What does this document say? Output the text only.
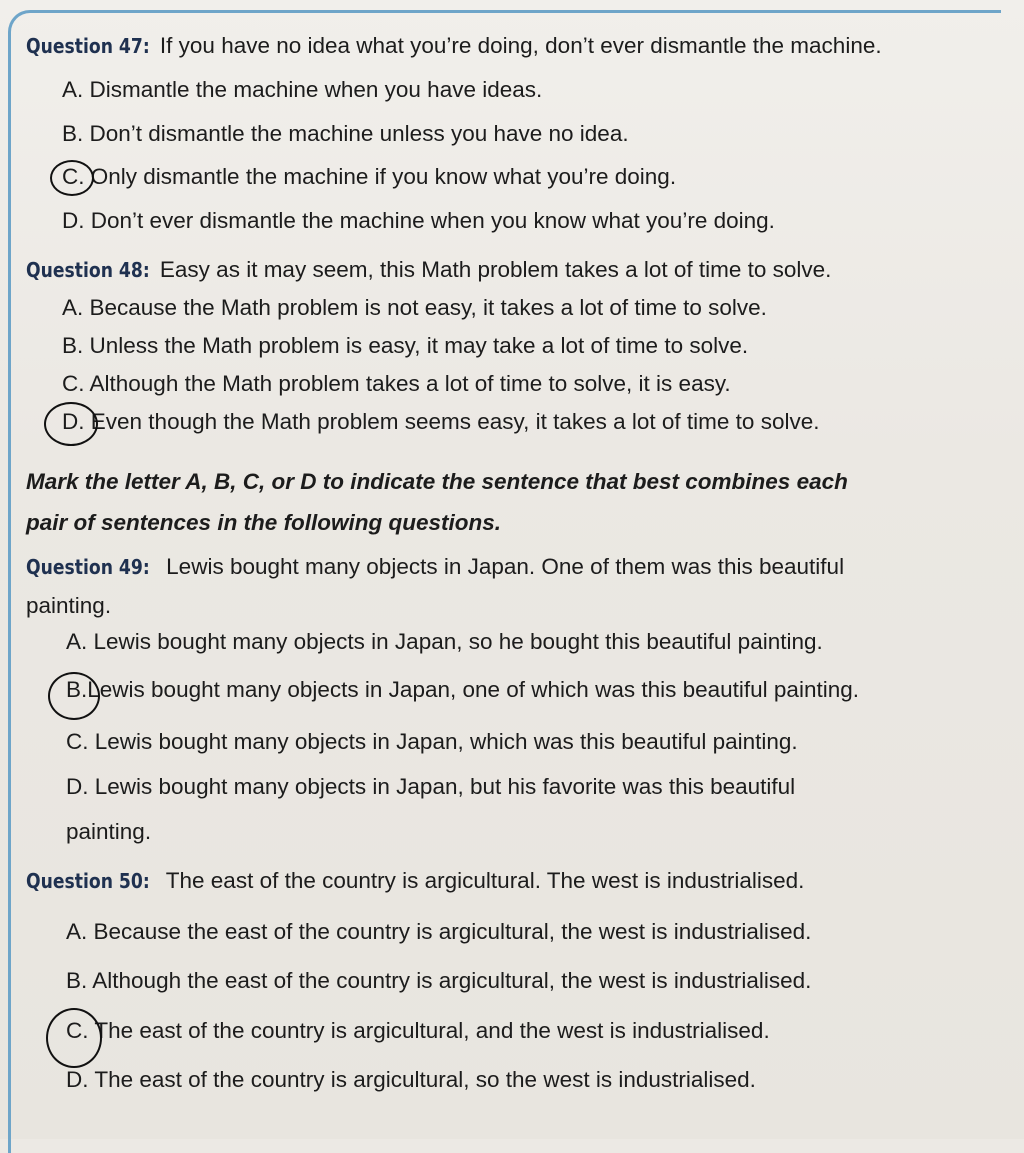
Question 47: If you have no idea what you’re doing, don’t ever dismantle the machine.
A. Dismantle the machine when you have ideas.
B. Don’t dismantle the machine unless you have no idea.
C. Only dismantle the machine if you know what you’re doing.
D. Don’t ever dismantle the machine when you know what you’re doing.
Question 48: Easy as it may seem, this Math problem takes a lot of time to solve.
A. Because the Math problem is not easy, it takes a lot of time to solve.
B. Unless the Math problem is easy, it may take a lot of time to solve.
C. Although the Math problem takes a lot of time to solve, it is easy.
D. Even though the Math problem seems easy, it takes a lot of time to solve.
Mark the letter A, B, C, or D to indicate the sentence that best combines each
pair of sentences in the following questions.
Question 49: Lewis bought many objects in Japan. One of them was this beautiful
painting.
A. Lewis bought many objects in Japan, so he bought this beautiful painting.
B.Lewis bought many objects in Japan, one of which was this beautiful painting.
C. Lewis bought many objects in Japan, which was this beautiful painting.
D. Lewis bought many objects in Japan, but his favorite was this beautiful
painting.
Question 50: The east of the country is argicultural. The west is industrialised.
A. Because the east of the country is argicultural, the west is industrialised.
B. Although the east of the country is argicultural, the west is industrialised.
C. The east of the country is argicultural, and the west is industrialised.
D. The east of the country is argicultural, so the west is industrialised.
